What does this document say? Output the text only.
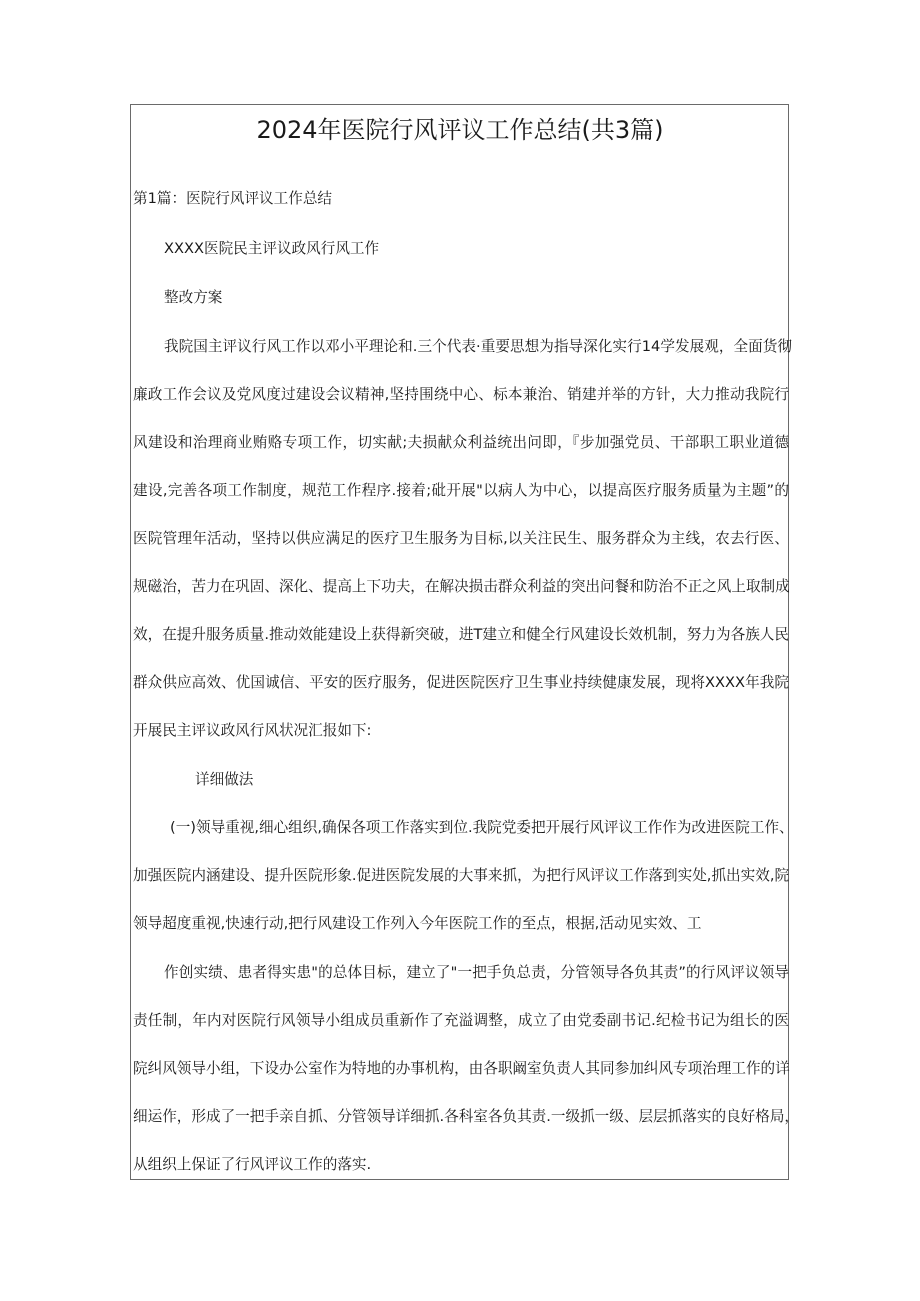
2024年医院行风评议工作总结(共3篇)

第1篇：医院行风评议工作总结

XXXX医院民主评议政风行风工作

整改方案

我院国主评议行风工作以邓小平理论和.三个代表·重要思想为指导深化实行14学发展观，全面货彻

廉政工作会议及党风度过建设会议精神,坚持围绕中心、标本兼治、销建并举的方针，大力推动我院行

风建设和治理商业贿赂专项工作，切实献;夫损献众利益统出问即，『步加强党员、干部职工职业道德

建设,完善各项工作制度，规范工作程序.接着;砒开展"以病人为中心，以提高医疗服务质量为主题”的

医院管理年活动，坚持以供应满足的医疗卫生服务为目标,以关注民生、服务群众为主线，农去行医、

规磁治，苦力在巩固、深化、提高上下功夫，在解决损击群众利益的突出问餐和防治不正之风上取制成

效，在提升服务质量.推动效能建设上获得新突破，进T建立和健全行风建设长效机制，努力为各族人民

群众供应高效、优国诚信、平安的医疗服务，促进医院医疗卫生事业持续健康发展，现将XXXX年我院

开展民主评议政风行风状况汇报如下:

详细做法

(一)领导重视,细心组织,确保各项工作落实到位.我院党委把开展行风评议工作作为改进医院工作、

加强医院内涵建设、提升医院形象.促进医院发展的大事来抓，为把行风评议工作落到实处,抓出实效,院

领导超度重视,快速行动,把行风建设工作列入今年医院工作的至点，根据,活动见实效、工

作创实绩、患者得实患"的总体目标，建立了"一把手负总责，分管领导各负其责”的行风评议领导

责任制，年内对医院行风领导小组成员重新作了充溢调整，成立了由党委副书记.纪检书记为组长的医

院纠风领导小组，下设办公室作为特地的办事机构，由各职阚室负责人其同参加纠风专项治理工作的详

细运作，形成了一把手亲自抓、分管领导详细抓.各科室各负其责.一级抓一级、层层抓落实的良好格局，

从组织上保证了行风评议工作的落实.
